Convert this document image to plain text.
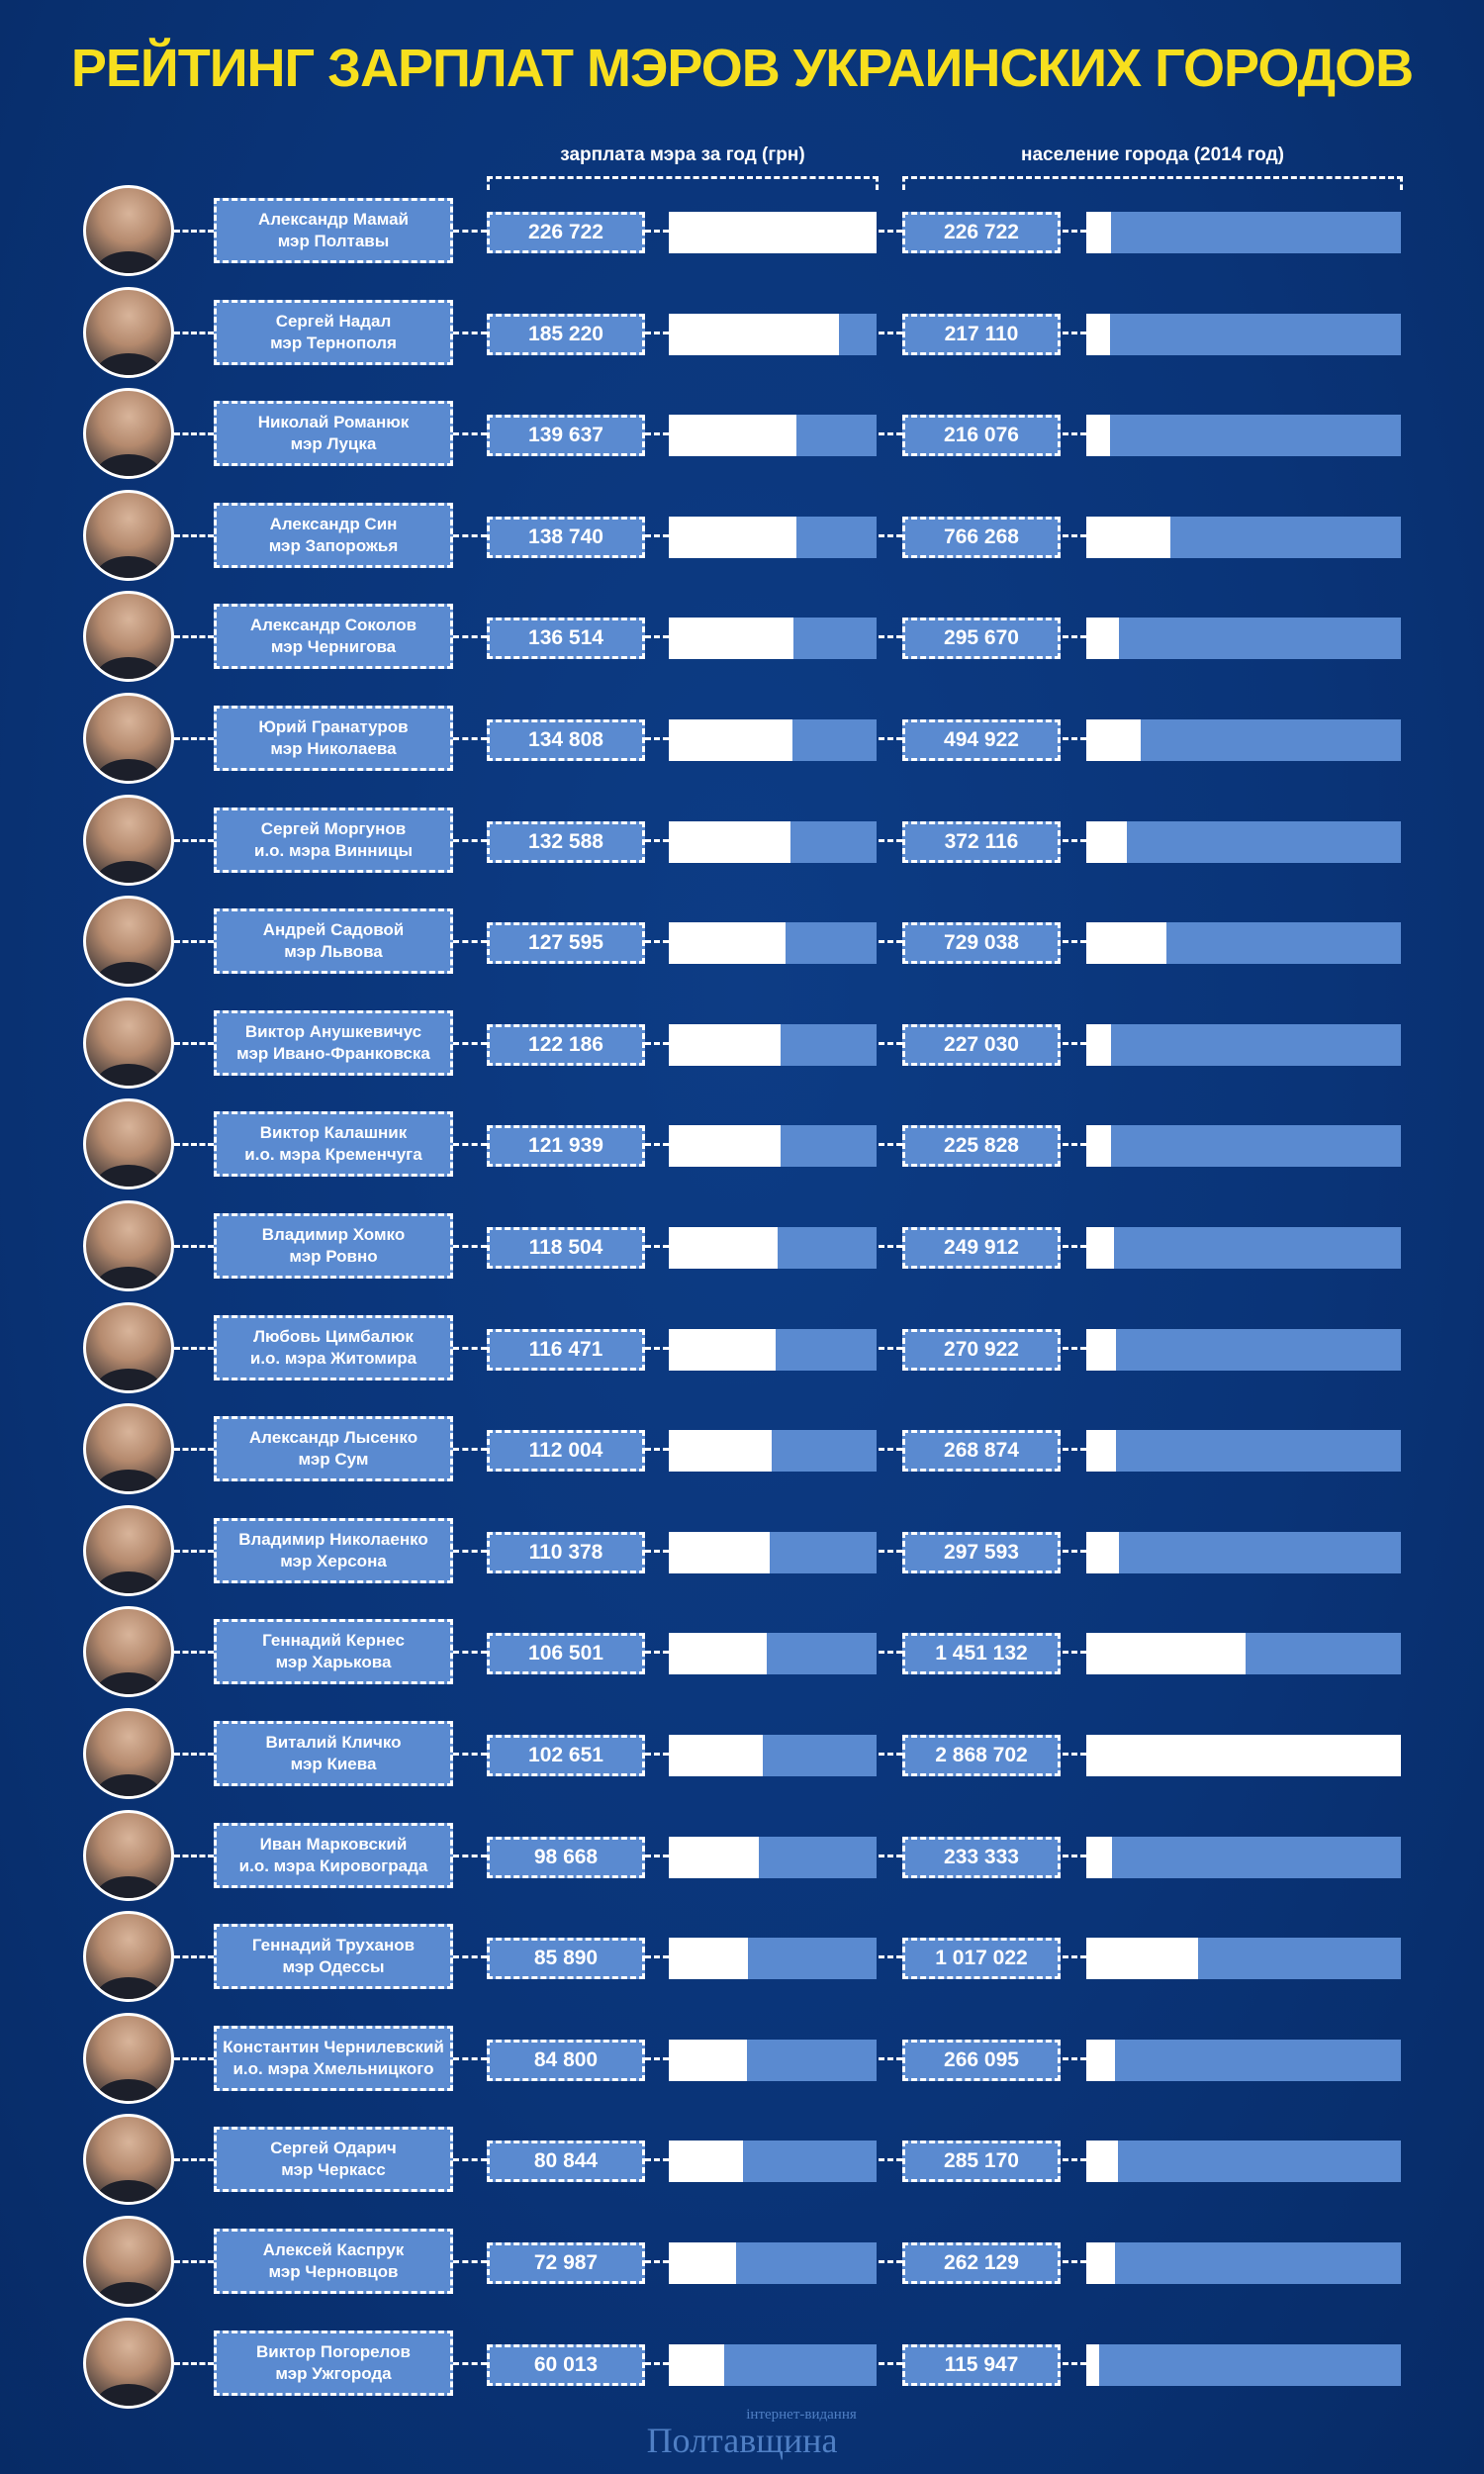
РЕЙТИНГ ЗАРПЛАТ МЭРОВ УКРАИНСКИХ ГОРОДОВ
зарплата мэра за год (грн)	население города (2014 год)
Александр Мамай
мэр Полтавы	226 722	226 722
Сергей Надал
мэр Тернополя	185 220	217 110
Николай Романюк
мэр Луцка	139 637	216 076
Александр Син
мэр Запорожья	138 740	766 268
Александр Соколов
мэр Чернигова	136 514	295 670
Юрий Гранатуров
мэр Николаева	134 808	494 922
Сергей Моргунов
и.о. мэра Винницы	132 588	372 116
Андрей Садовой
мэр Львова	127 595	729 038
Виктор Анушкевичус
мэр Ивано-Франковска	122 186	227 030
Виктор Калашник
и.о. мэра Кременчуга	121 939	225 828
Владимир Хомко
мэр Ровно	118 504	249 912
Любовь Цимбалюк
и.о. мэра Житомира	116 471	270 922
Александр Лысенко
мэр Сум	112 004	268 874
Владимир Николаенко
мэр Херсона	110 378	297 593
Геннадий Кернес
мэр Харькова	106 501	1 451 132
Виталий Кличко
мэр Киева	102 651	2 868 702
Иван Марковский
и.о. мэра Кировограда	98 668	233 333
Геннадий Труханов
мэр Одессы	85 890	1 017 022
Константин Чернилевский
и.о. мэра Хмельницкого	84 800	266 095
Сергей Одарич
мэр Черкасс	80 844	285 170
Алексей Каспрук
мэр Черновцов	72 987	262 129
Виктор Погорелов
мэр Ужгорода	60 013	115 947
інтернет-видання
Полтавщина
